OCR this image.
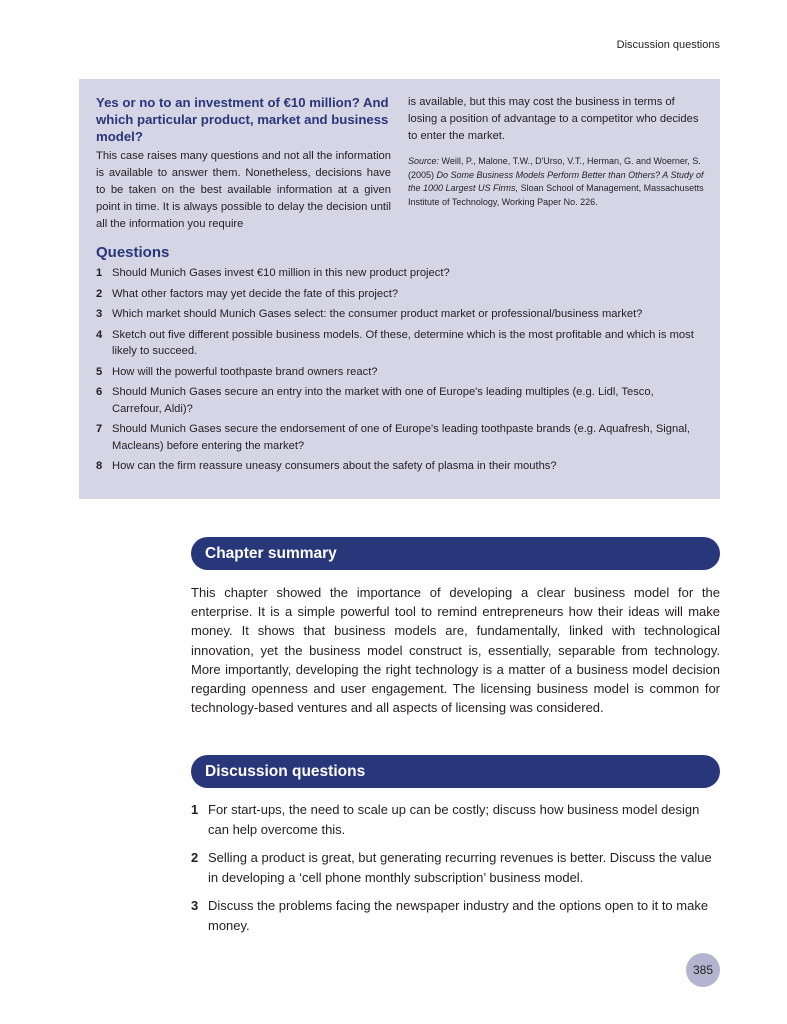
Discussion questions

Yes or no to an investment of €10 million? And which particular product, market and business model?

This case raises many questions and not all the information is available to answer them. Nonetheless, decisions have to be taken on the best available information at a given point in time. It is always possible to delay the decision until all the information you require

is available, but this may cost the business in terms of losing a position of advantage to a competitor who decides to enter the market.

Source: Weill, P., Malone, T.W., D'Urso, V.T., Herman, G. and Woerner, S. (2005) Do Some Business Models Perform Better than Others? A Study of the 1000 Largest US Firms, Sloan School of Management, Massachusetts Institute of Technology, Working Paper No. 226.

Questions
1 Should Munich Gases invest €10 million in this new product project?
2 What other factors may yet decide the fate of this project?
3 Which market should Munich Gases select: the consumer product market or professional/business market?
4 Sketch out five different possible business models. Of these, determine which is the most profitable and which is most likely to succeed.
5 How will the powerful toothpaste brand owners react?
6 Should Munich Gases secure an entry into the market with one of Europe's leading multiples (e.g. Lidl, Tesco, Carrefour, Aldi)?
7 Should Munich Gases secure the endorsement of one of Europe's leading toothpaste brands (e.g. Aquafresh, Signal, Macleans) before entering the market?
8 How can the firm reassure uneasy consumers about the safety of plasma in their mouths?
Chapter summary

This chapter showed the importance of developing a clear business model for the enterprise. It is a simple powerful tool to remind entrepreneurs how their ideas will make money. It shows that business models are, fundamentally, linked with technological innovation, yet the business model construct is, essentially, separable from technology. More importantly, developing the right technology is a matter of a business model decision regarding openness and user engagement. The licensing business model is common for technology-based ventures and all aspects of licensing was considered.

Discussion questions
1 For start-ups, the need to scale up can be costly; discuss how business model design can help overcome this.
2 Selling a product is great, but generating recurring revenues is better. Discuss the value in developing a ‘cell phone monthly subscription’ business model.
3 Discuss the problems facing the newspaper industry and the options open to it to make money.
385
